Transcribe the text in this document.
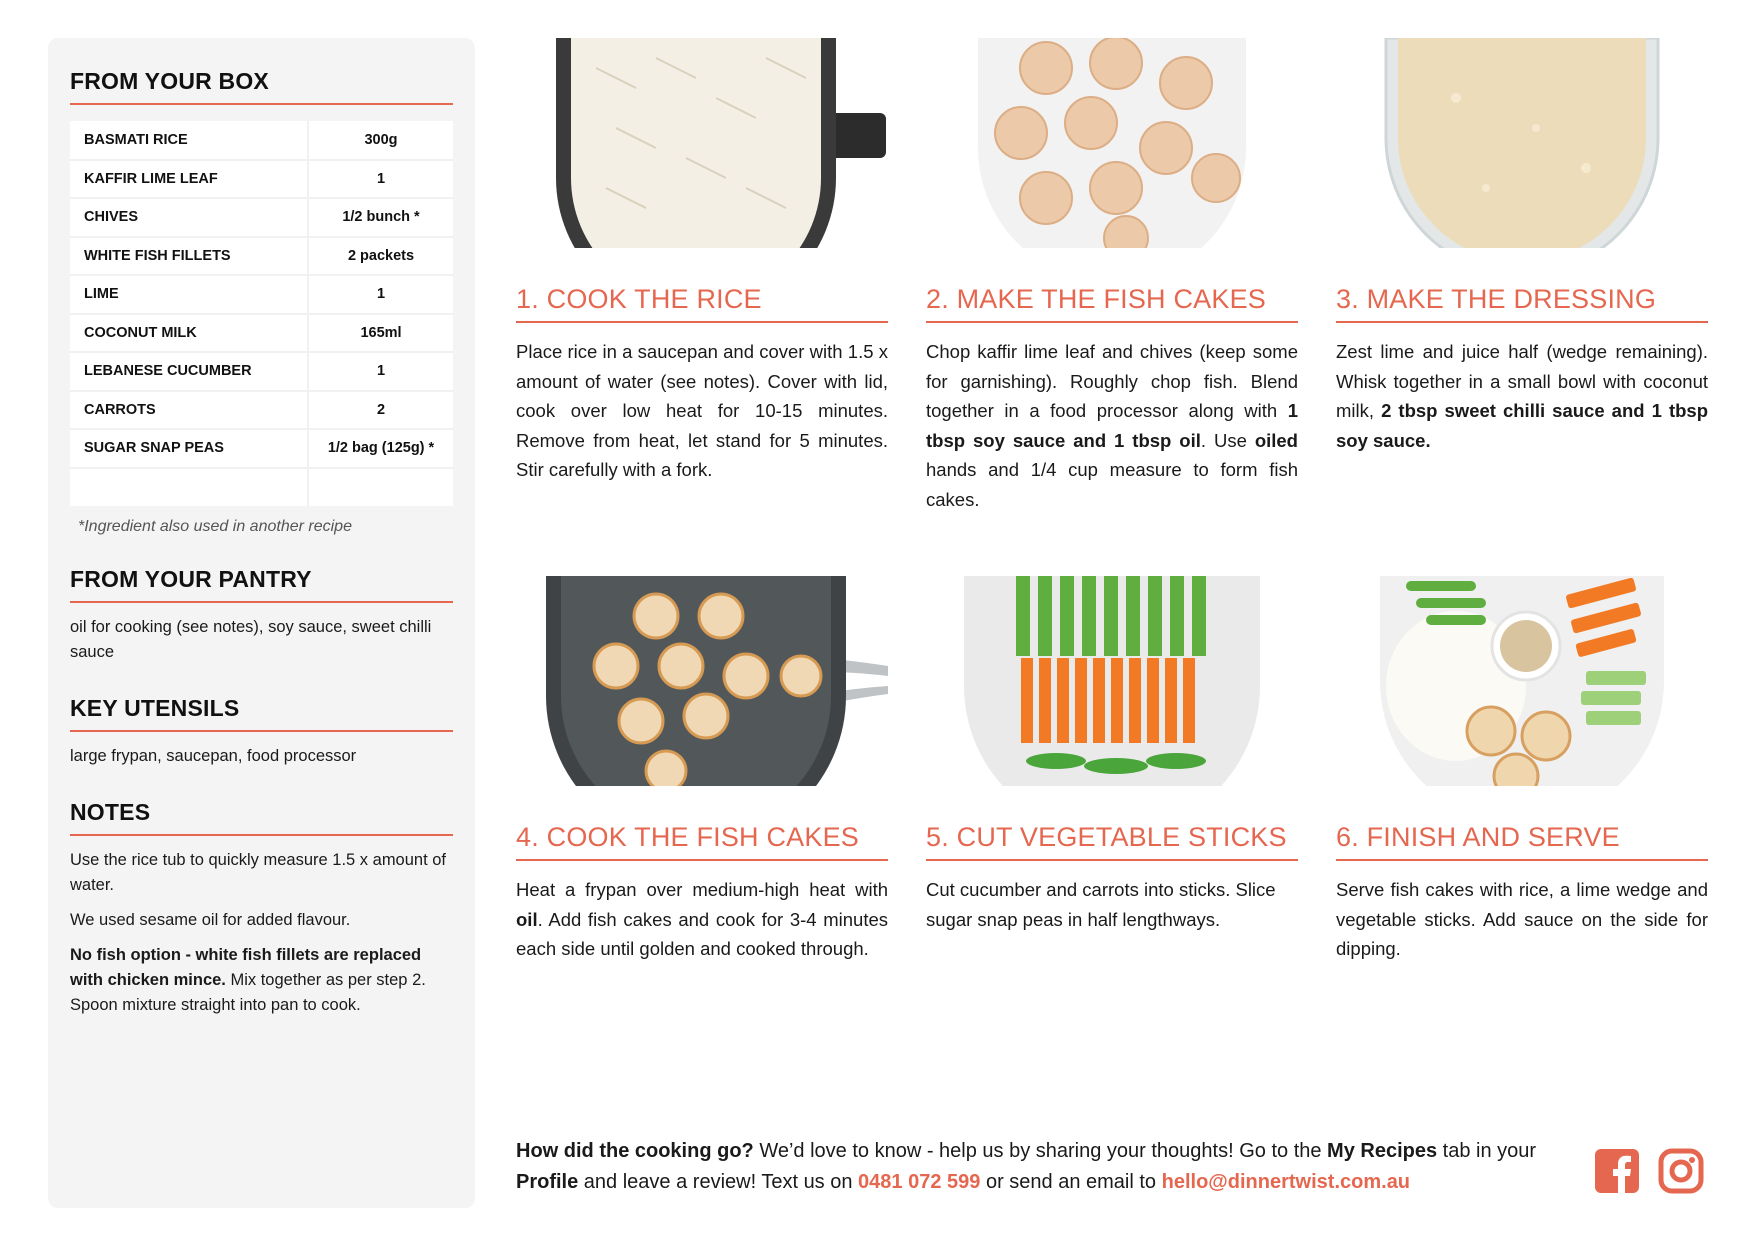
FROM YOUR BOX
BASMATI RICE	300g
KAFFIR LIME LEAF	1
CHIVES	1/2 bunch *
WHITE FISH FILLETS	2 packets
LIME	1
COCONUT MILK	165ml
LEBANESE CUCUMBER	1
CARROTS	2
SUGAR SNAP PEAS	1/2 bag (125g) *

*Ingredient also used in another recipe
FROM YOUR PANTRY
oil for cooking (see notes), soy sauce, sweet chilli sauce
KEY UTENSILS
large frypan, saucepan, food processor
NOTES

Use the rice tub to quickly measure 1.5 x amount of water.

We used sesame oil for added flavour.

No fish option - white fish fillets are replaced with chicken mince. Mix together as per step 2. Spoon mixture straight into pan to cook.

1. COOK THE RICE

Place rice in a saucepan and cover with 1.5 x amount of water (see notes). Cover with lid, cook over low heat for 10-15 minutes. Remove from heat, let stand for 5 minutes. Stir carefully with a fork.

2. MAKE THE FISH CAKES

Chop kaffir lime leaf and chives (keep some for garnishing). Roughly chop fish. Blend together in a food processor along with 1 tbsp soy sauce and 1 tbsp oil. Use oiled hands and 1/4 cup measure to form fish cakes.

3. MAKE THE DRESSING

Zest lime and juice half (wedge remaining). Whisk together in a small bowl with coconut milk, 2 tbsp sweet chilli sauce and 1 tbsp soy sauce.

4. COOK THE FISH CAKES

Heat a frypan over medium-high heat with oil. Add fish cakes and cook for 3-4 minutes each side until golden and cooked through.

5. CUT VEGETABLE STICKS

Cut cucumber and carrots into sticks. Slice sugar snap peas in half lengthways.

6. FINISH AND SERVE

Serve fish cakes with rice, a lime wedge and vegetable sticks. Add sauce on the side for dipping.

How did the cooking go? We’d love to know - help us by sharing your thoughts! Go to the My Recipes tab in your Profile and leave a review! Text us on 0481 072 599 or send an email to hello@dinnertwist.com.au
